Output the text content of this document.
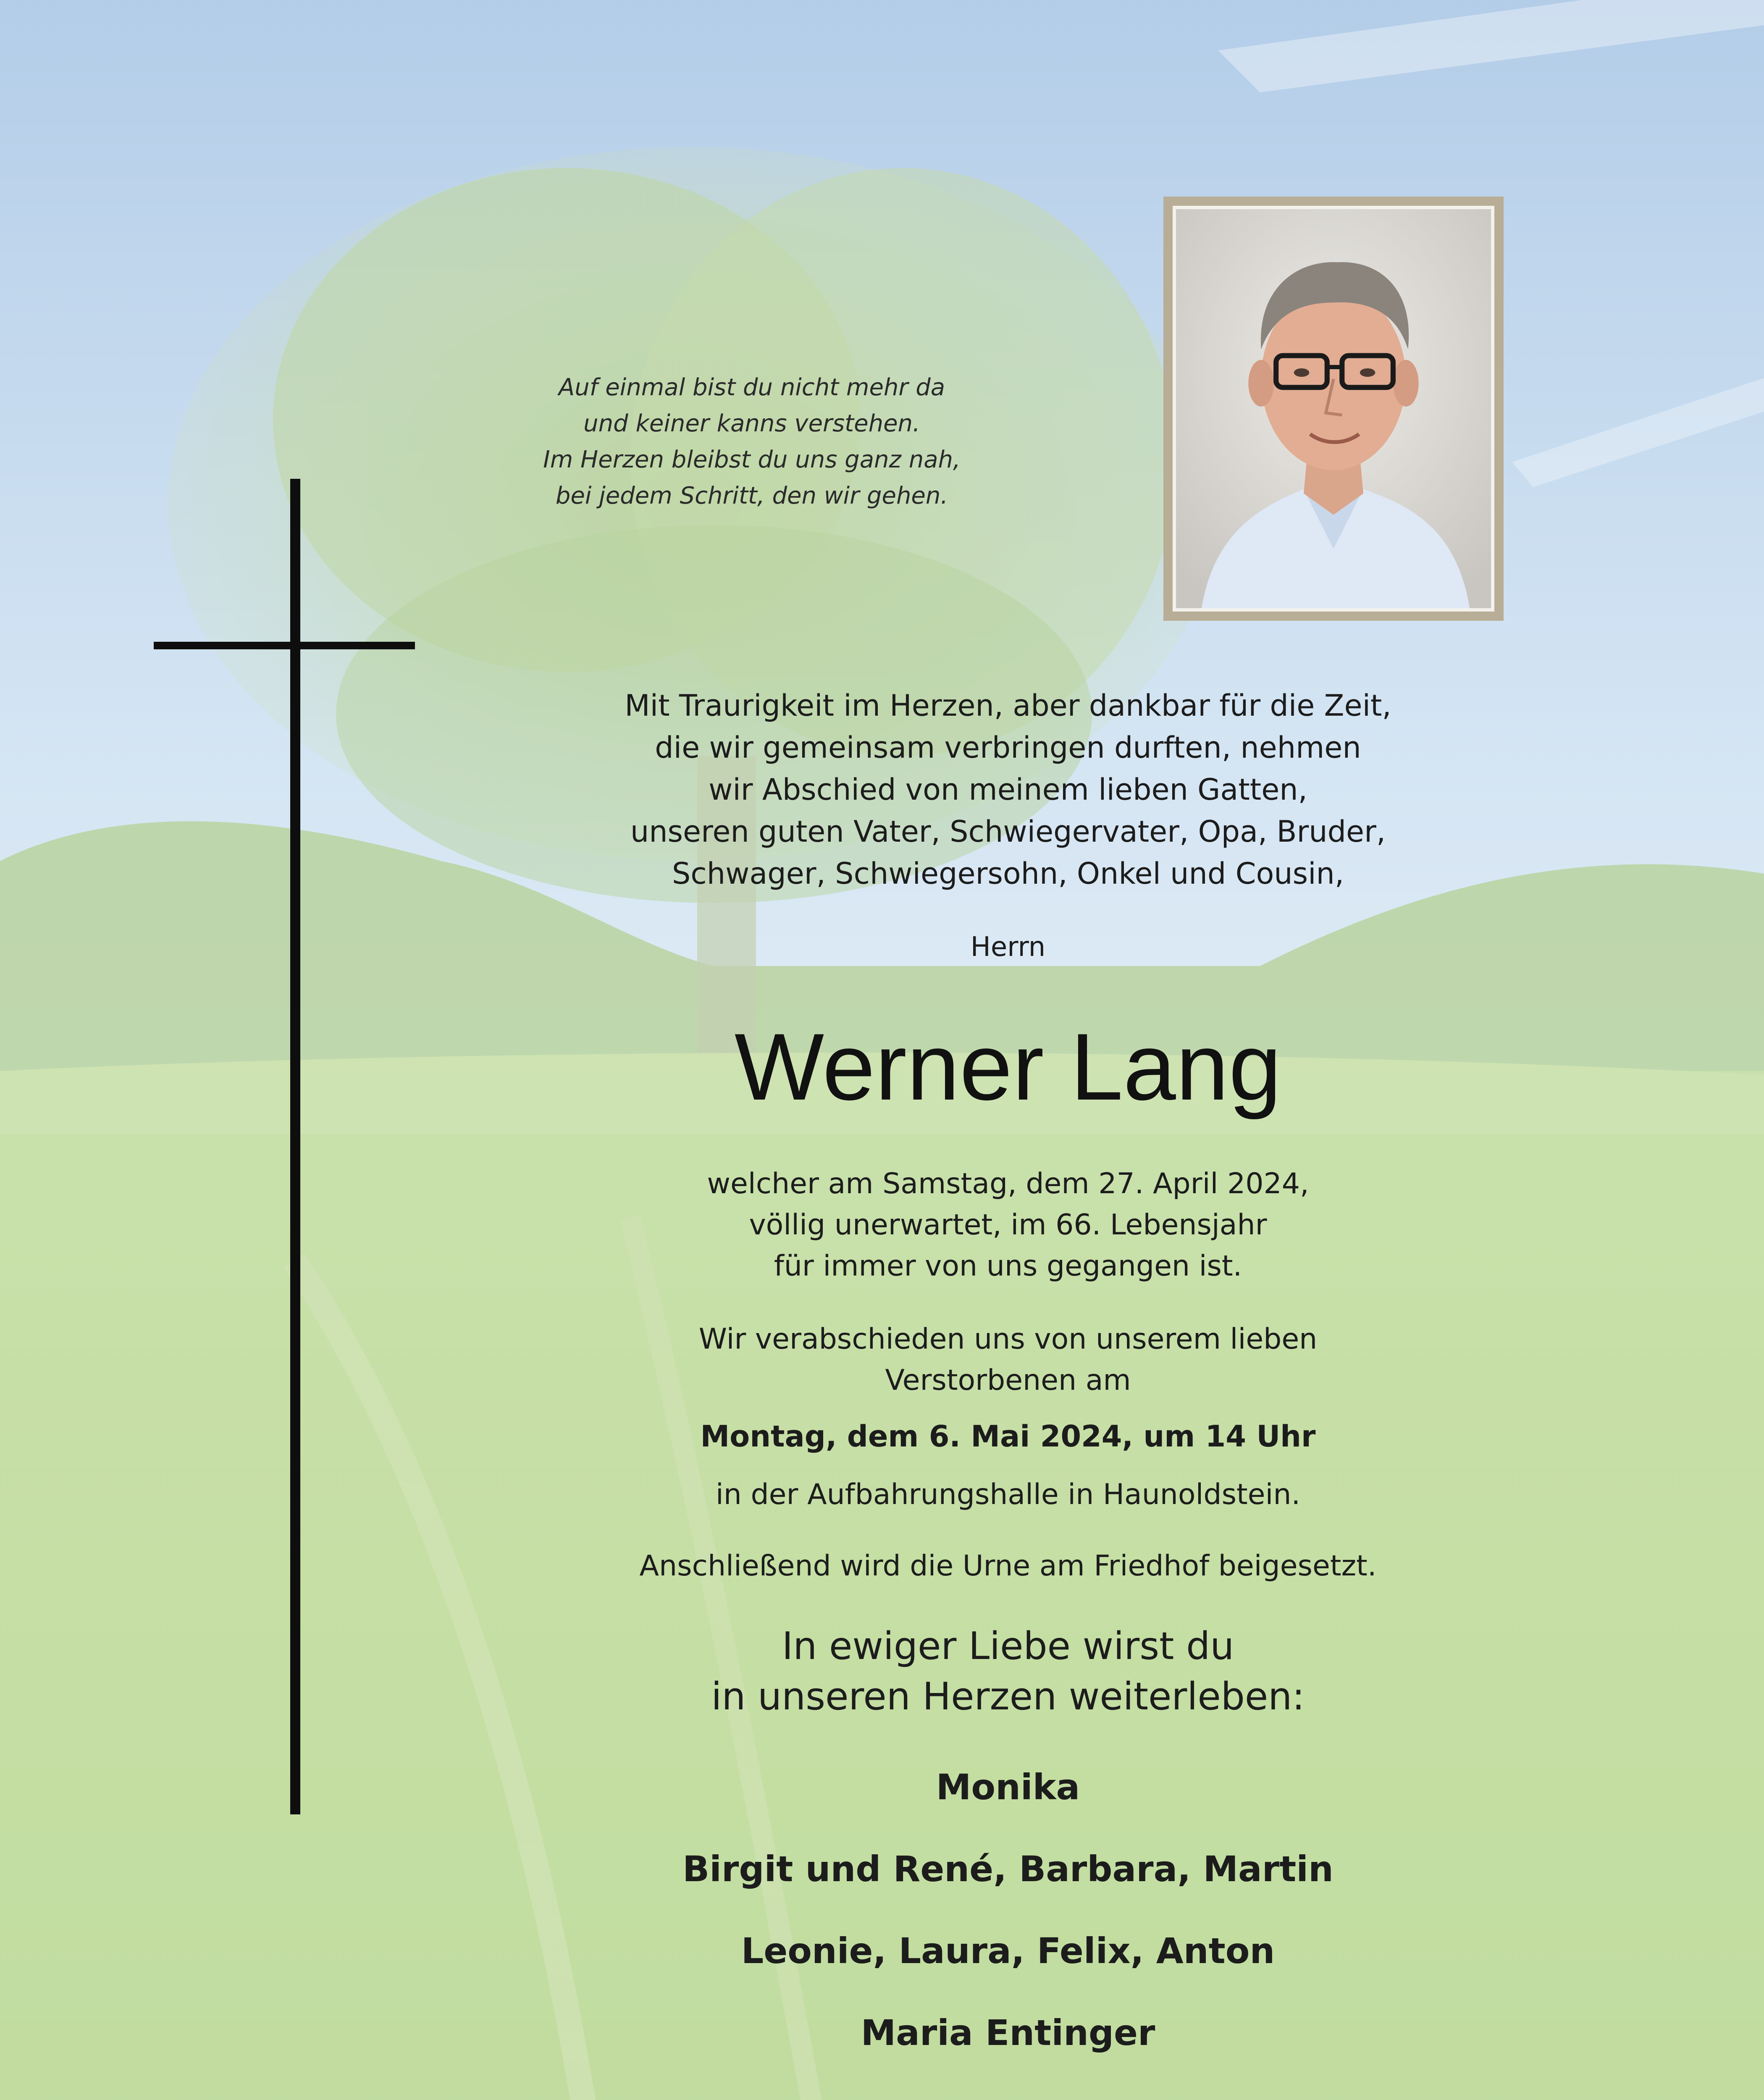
Auf einmal bist du nicht mehr da
und keiner kanns verstehen.
Im Herzen bleibst du uns ganz nah,
bei jedem Schritt, den wir gehen.
Mit Traurigkeit im Herzen, aber dankbar für die Zeit,
die wir gemeinsam verbringen durften, nehmen
wir Abschied von meinem lieben Gatten,
unseren guten Vater, Schwiegervater, Opa, Bruder,
Schwager, Schwiegersohn, Onkel und Cousin,
Herrn
Werner Lang
welcher am Samstag, dem 27. April 2024,
völlig unerwartet, im 66. Lebensjahr
für immer von uns gegangen ist.
Wir verabschieden uns von unserem lieben
Verstorbenen am
Montag, dem 6. Mai 2024, um 14 Uhr
in der Aufbahrungshalle in Haunoldstein.
Anschließend wird die Urne am Friedhof beigesetzt.
In ewiger Liebe wirst du
in unseren Herzen weiterleben:
Monika
Birgit und René, Barbara, Martin
Leonie, Laura, Felix, Anton
Maria Entinger
